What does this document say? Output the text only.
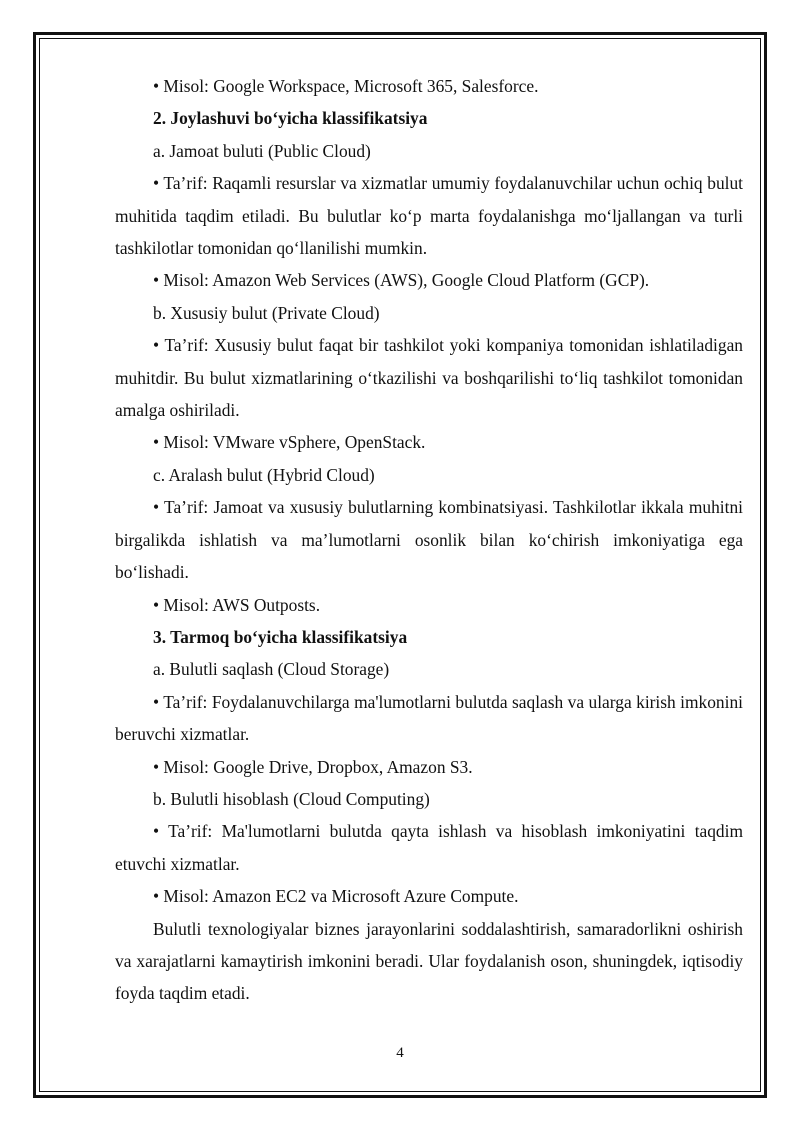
• Misol: Google Workspace, Microsoft 365, Salesforce.

2. Joylashuvi bo‘yicha klassifikatsiya

a. Jamoat buluti (Public Cloud)

• Ta’rif: Raqamli resurslar va xizmatlar umumiy foydalanuvchilar uchun ochiq bulut muhitida taqdim etiladi. Bu bulutlar ko‘p marta foydalanishga mo‘ljallangan va turli tashkilotlar tomonidan qo‘llanilishi mumkin.

• Misol: Amazon Web Services (AWS), Google Cloud Platform (GCP).

b. Xususiy bulut (Private Cloud)

• Ta’rif: Xususiy bulut faqat bir tashkilot yoki kompaniya tomonidan ishlatiladigan muhitdir. Bu bulut xizmatlarining o‘tkazilishi va boshqarilishi to‘liq tashkilot tomonidan amalga oshiriladi.

• Misol: VMware vSphere, OpenStack.

c. Aralash bulut (Hybrid Cloud)

• Ta’rif: Jamoat va xususiy bulutlarning kombinatsiyasi. Tashkilotlar ikkala muhitni birgalikda ishlatish va ma’lumotlarni osonlik bilan ko‘chirish imkoniyatiga ega bo‘lishadi.

• Misol: AWS Outposts.

3. Tarmoq bo‘yicha klassifikatsiya

a. Bulutli saqlash (Cloud Storage)

• Ta’rif: Foydalanuvchilarga ma'lumotlarni bulutda saqlash va ularga kirish imkonini beruvchi xizmatlar.

• Misol: Google Drive, Dropbox, Amazon S3.

b. Bulutli hisoblash (Cloud Computing)

• Ta’rif: Ma'lumotlarni bulutda qayta ishlash va hisoblash imkoniyatini taqdim etuvchi xizmatlar.

• Misol: Amazon EC2 va Microsoft Azure Compute.

Bulutli texnologiyalar biznes jarayonlarini soddalashtirish, samaradorlikni oshirish va xarajatlarni kamaytirish imkonini beradi. Ular foydalanish oson, shuningdek, iqtisodiy foyda taqdim etadi.

4
